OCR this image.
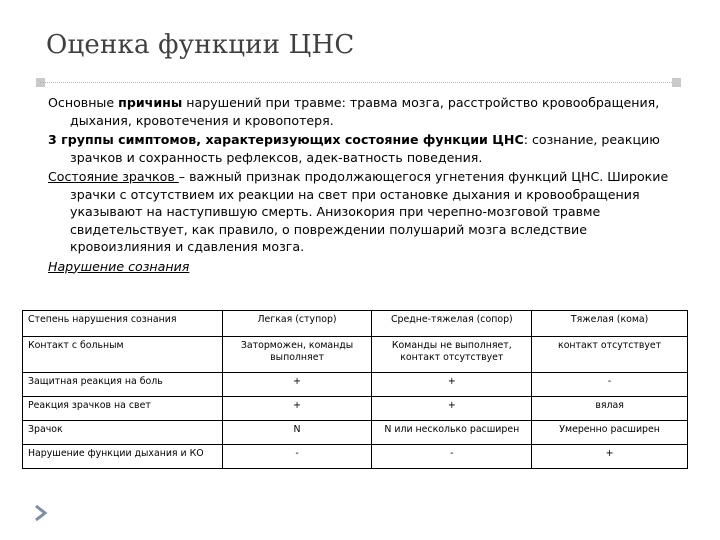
Оценка функции ЦНС

Основные причины нарушений при травме: травма мозга, расстройство кровообращения, дыхания, кровотечения и кровопотеря.

3 группы симптомов, характеризующих состояние функции ЦНС: сознание, реакцию зрачков и сохранность рефлексов, адек-ватность поведения.

Состояние зрачков – важный признак продолжающегося угнетения функций ЦНС. Широкие зрачки с отсутствием их реакции на свет при остановке дыхания и кровообращения указывают на наступившую смерть. Анизокория при черепно-мозговой травме свидетельствует, как правило, о повреждении полушарий мозга вследствие кровоизлияния и сдавления мозга.

Нарушение сознания

Степень нарушения сознания	Легкая (ступор)	Средне-тяжелая (сопор)	Тяжелая (кома)
Контакт с больным	Заторможен, команды выполняет	Команды не выполняет, контакт отсутствует	контакт отсутствует
Защитная реакция на боль	+	+	-
Реакция зрачков на свет	+	+	вялая
Зрачок	N	N или несколько расширен	Умеренно расширен
Нарушение функции дыхания и КО	-	-	+
